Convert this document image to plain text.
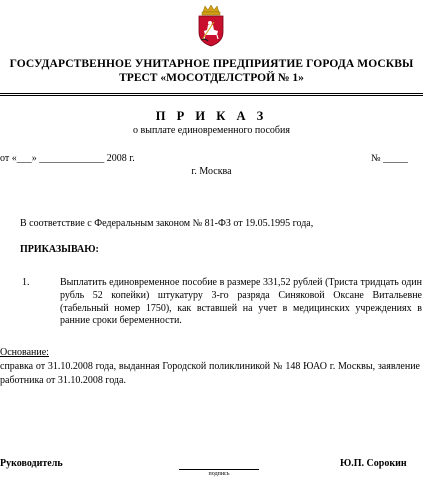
ГОСУДАРСТВЕННОЕ УНИТАРНОЕ ПРЕДПРИЯТИЕ ГОРОДА МОСКВЫ
ТРЕСТ «МОСОТДЕЛСТРОЙ № 1»
П Р И К А З
о выплате единовременного пособия
от «___» _____________ 2008 г.	№ _____
г. Москва
В соответствие с Федеральным законом № 81-ФЗ от 19.05.1995 года,
ПРИКАЗЫВАЮ:
1.	Выплатить единовременное пособие в размере 331,52 рублей (Триста тридцать один рубль 52 копейки) штукатуру 3-го разряда Синяковой Оксане Витальевне (табельный номер 1750), как вставшей на учет в медицинских учреждениях в ранние сроки беременности.
Основание:
справка от 31.10.2008 года, выданная Городской поликлиникой № 148 ЮАО г. Москвы, заявление работника от 31.10.2008 года.
Руководитель
подпись
Ю.П. Сорокин
